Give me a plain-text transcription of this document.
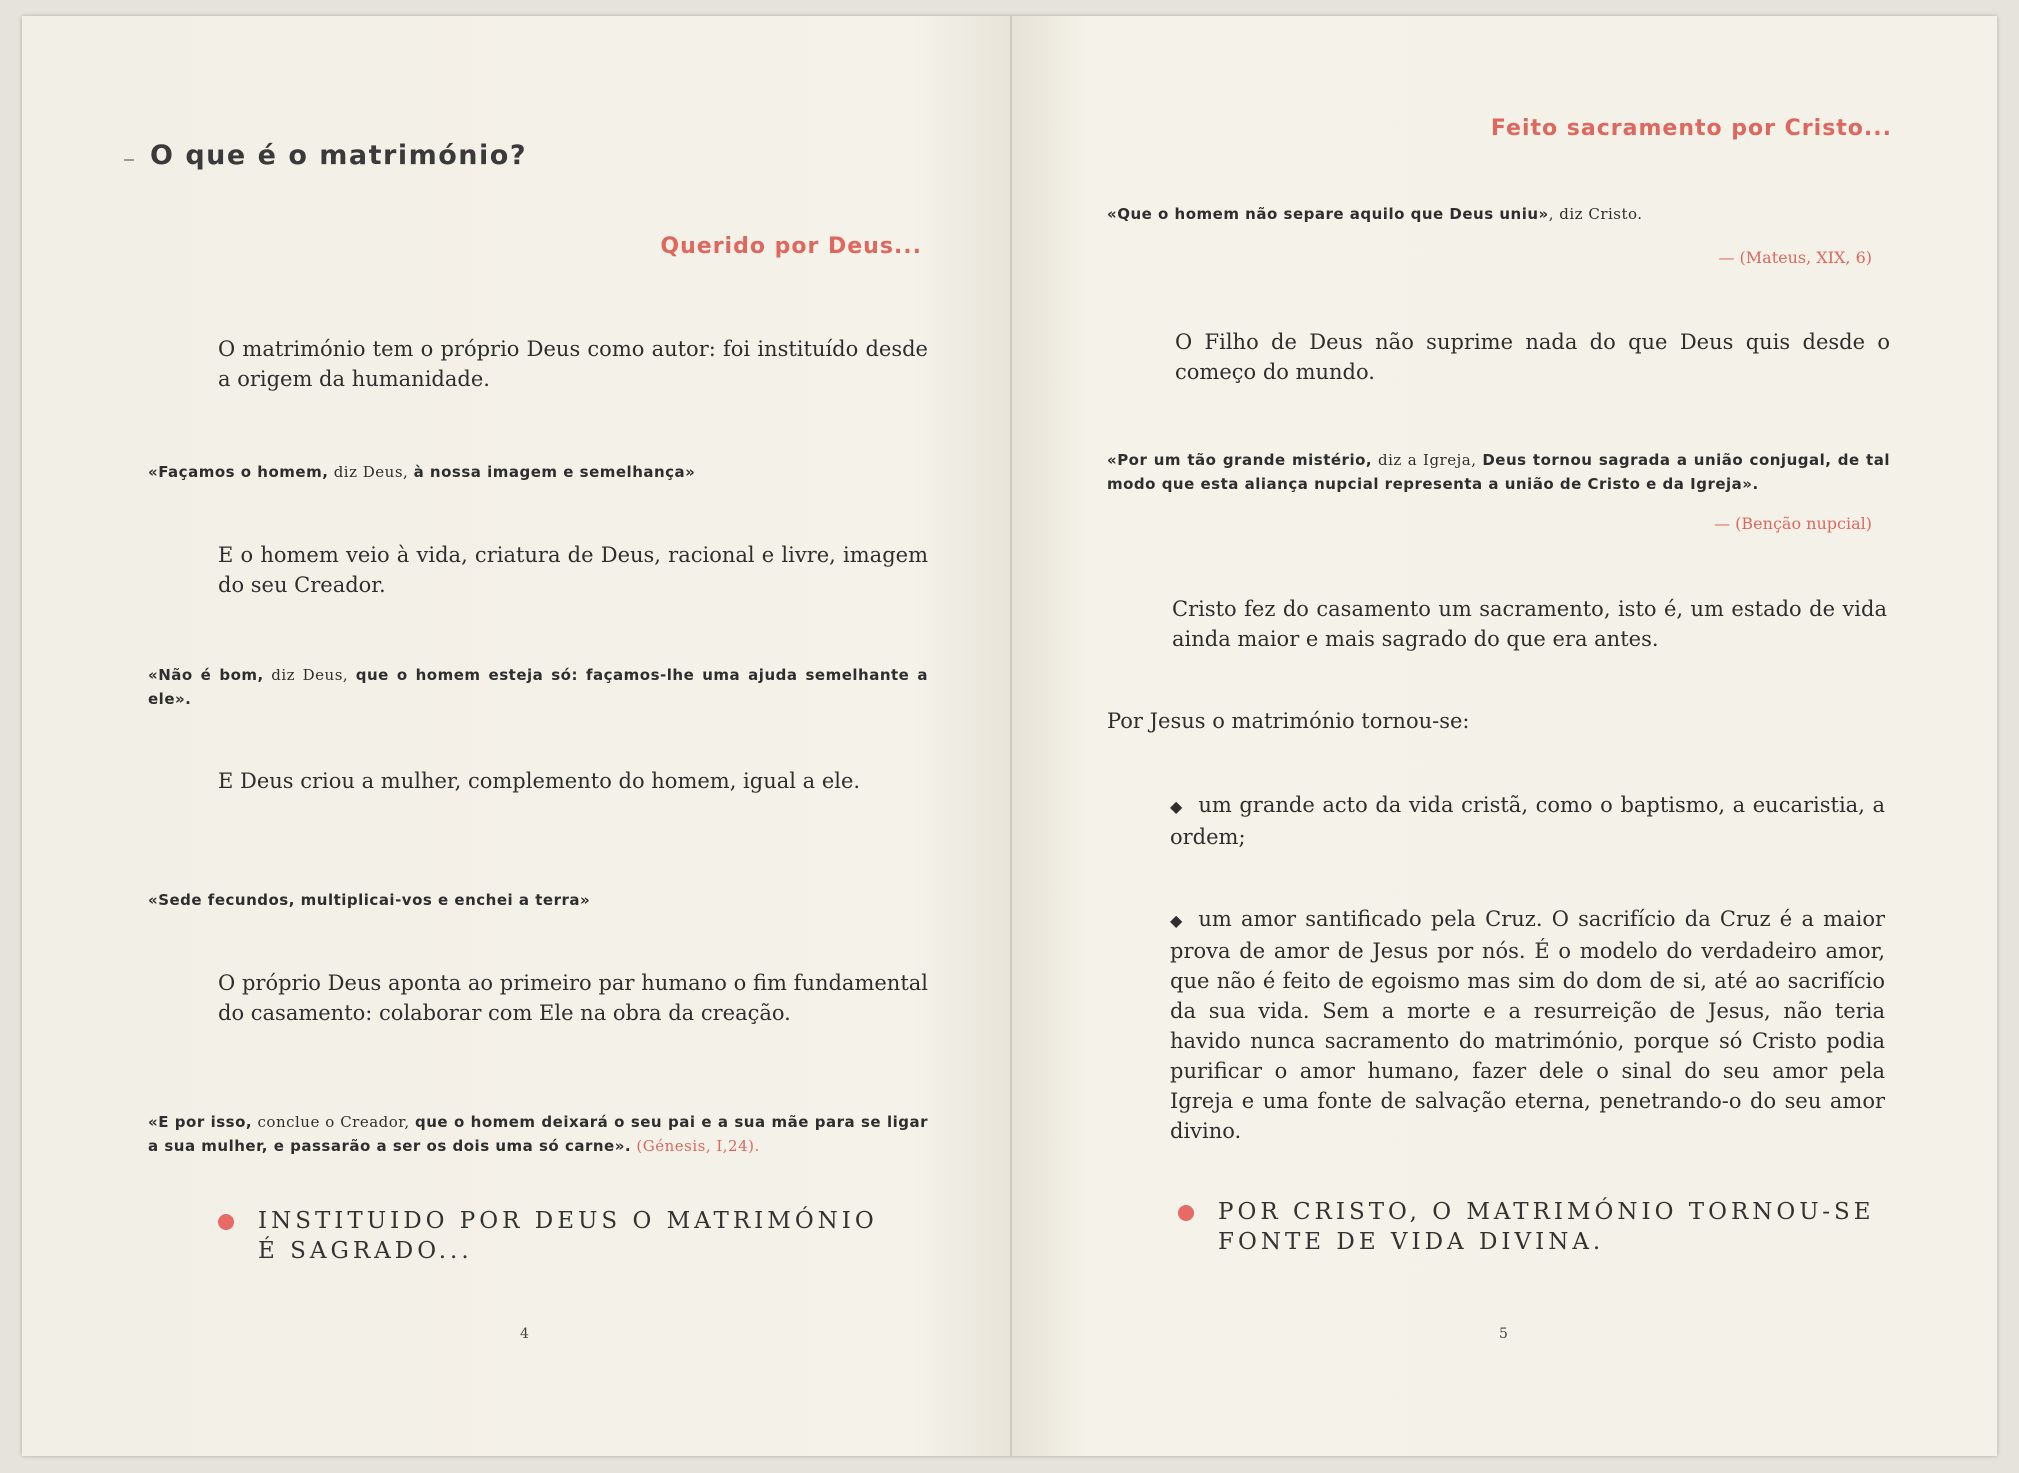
O que é o matrimónio?
Querido por Deus...
O matrimónio tem o próprio Deus como autor: foi instituído desde a origem da humanidade.
«Façamos o homem, diz Deus, à nossa imagem e semelhança»
E o homem veio à vida, criatura de Deus, racional e livre, imagem do seu Creador.
«Não é bom, diz Deus, que o homem esteja só: façamos-lhe uma ajuda semelhante a ele».
E Deus criou a mulher, complemento do homem, igual a ele.
«Sede fecundos, multiplicai-vos e enchei a terra»
O próprio Deus aponta ao primeiro par humano o fim fundamental do casamento: colaborar com Ele na obra da creação.
«E por isso, conclue o Creador, que o homem deixará o seu pai e a sua mãe para se ligar a sua mulher, e passarão a ser os dois uma só carne». (Génesis, I,24).
INSTITUIDO POR DEUS O MATRIMÓNIO
É SAGRADO...
4
Feito sacramento por Cristo...
«Que o homem não separe aquilo que Deus uniu», diz Cristo.
— (Mateus, XIX, 6)
O Filho de Deus não suprime nada do que Deus quis desde o começo do mundo.
«Por um tão grande mistério, diz a Igreja, Deus tornou sagrada a união conjugal, de tal modo que esta aliança nupcial representa a união de Cristo e da Igreja».
— (Benção nupcial)
Cristo fez do casamento um sacramento, isto é, um estado de vida ainda maior e mais sagrado do que era antes.
Por Jesus o matrimónio tornou-se:
◆ um grande acto da vida cristã, como o baptismo, a eucaristia, a ordem;
◆ um amor santificado pela Cruz. O sacrifício da Cruz é a maior prova de amor de Jesus por nós. É o modelo do verdadeiro amor, que não é feito de egoismo mas sim do dom de si, até ao sacrifício da sua vida. Sem a morte e a resurreição de Jesus, não teria havido nunca sacramento do matrimónio, porque só Cristo podia purificar o amor humano, fazer dele o sinal do seu amor pela Igreja e uma fonte de salvação eterna, penetrando-o do seu amor divino.
POR CRISTO, O MATRIMÓNIO TORNOU-SE
FONTE DE VIDA DIVINA.
5
